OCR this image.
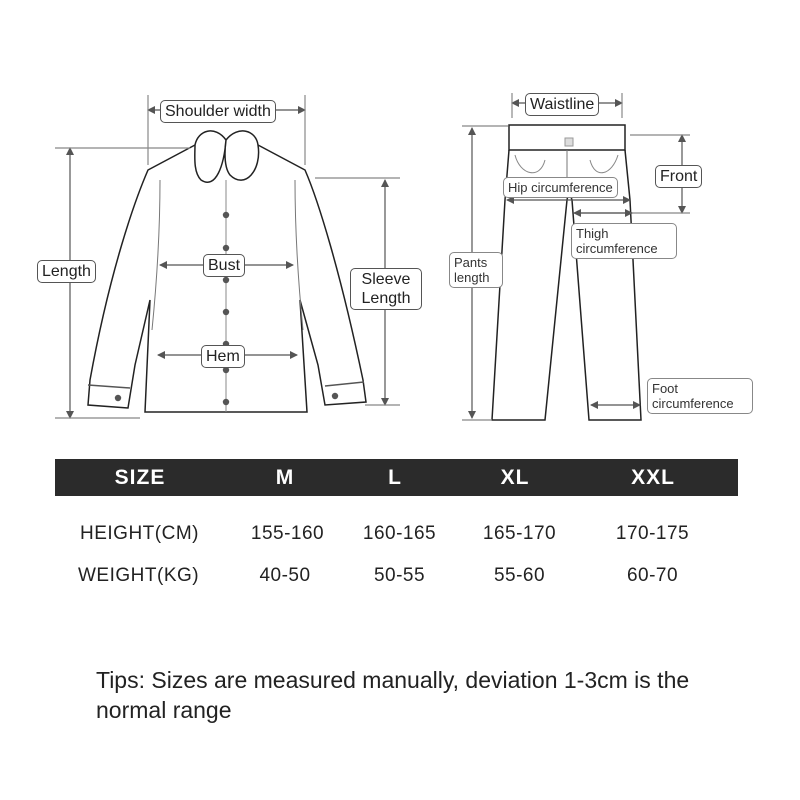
Shoulder width
Length	Bust
Hem
Sleeve Length
Waistline
Front
Hip circumference
Thigh circumference
Pants length
Foot circumference
SIZE	M	L	XL	XXL
HEIGHT(CM)	155-160	160-165	165-170	170-175
WEIGHT(KG)	40-50	50-55	55-60	60-70
Tips: Sizes are measured manually, deviation 1-3cm is the normal range
